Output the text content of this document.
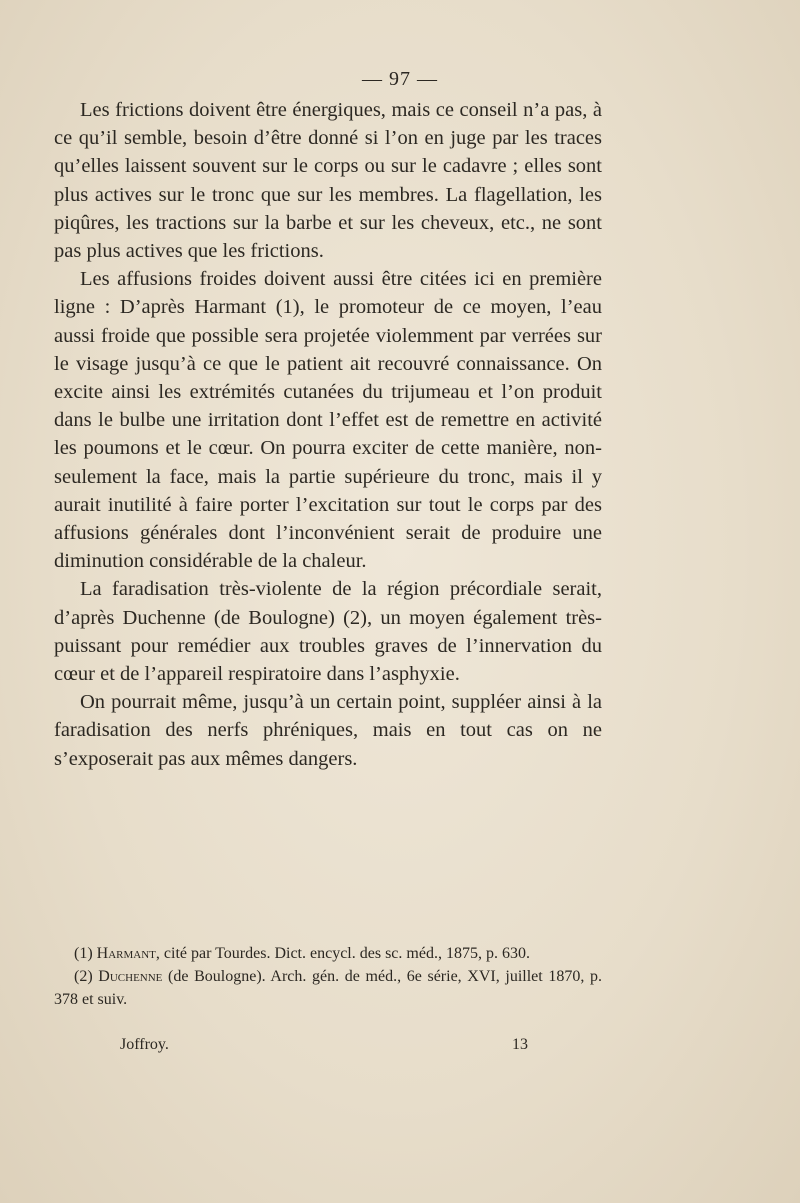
— 97 —

Les frictions doivent être énergiques, mais ce conseil n’a pas, à ce qu’il semble, besoin d’être donné si l’on en juge par les traces qu’elles laissent souvent sur le corps ou sur le cadavre ; elles sont plus actives sur le tronc que sur les membres. La flagellation, les piqûres, les tractions sur la barbe et sur les cheveux, etc., ne sont pas plus actives que les frictions.

Les affusions froides doivent aussi être citées ici en première ligne : D’après Harmant (1), le promoteur de ce moyen, l’eau aussi froide que possible sera projetée violemment par verrées sur le visage jusqu’à ce que le patient ait recouvré connaissance. On excite ainsi les extrémités cutanées du trijumeau et l’on produit dans le bulbe une irritation dont l’effet est de remettre en activité les poumons et le cœur. On pourra exciter de cette manière, non-seulement la face, mais la partie supérieure du tronc, mais il y aurait inutilité à faire porter l’excitation sur tout le corps par des affusions générales dont l’inconvénient serait de produire une diminution considérable de la chaleur.

La faradisation très-violente de la région précordiale serait, d’après Duchenne (de Boulogne) (2), un moyen également très-puissant pour remédier aux troubles graves de l’innervation du cœur et de l’appareil respiratoire dans l’asphyxie.

On pourrait même, jusqu’à un certain point, suppléer ainsi à la faradisation des nerfs phréniques, mais en tout cas on ne s’exposerait pas aux mêmes dangers.

(1) Harmant, cité par Tourdes. Dict. encycl. des sc. méd., 1875, p. 630.

(2) Duchenne (de Boulogne). Arch. gén. de méd., 6e série, XVI, juillet 1870, p. 378 et suiv.

Joffroy.	13
